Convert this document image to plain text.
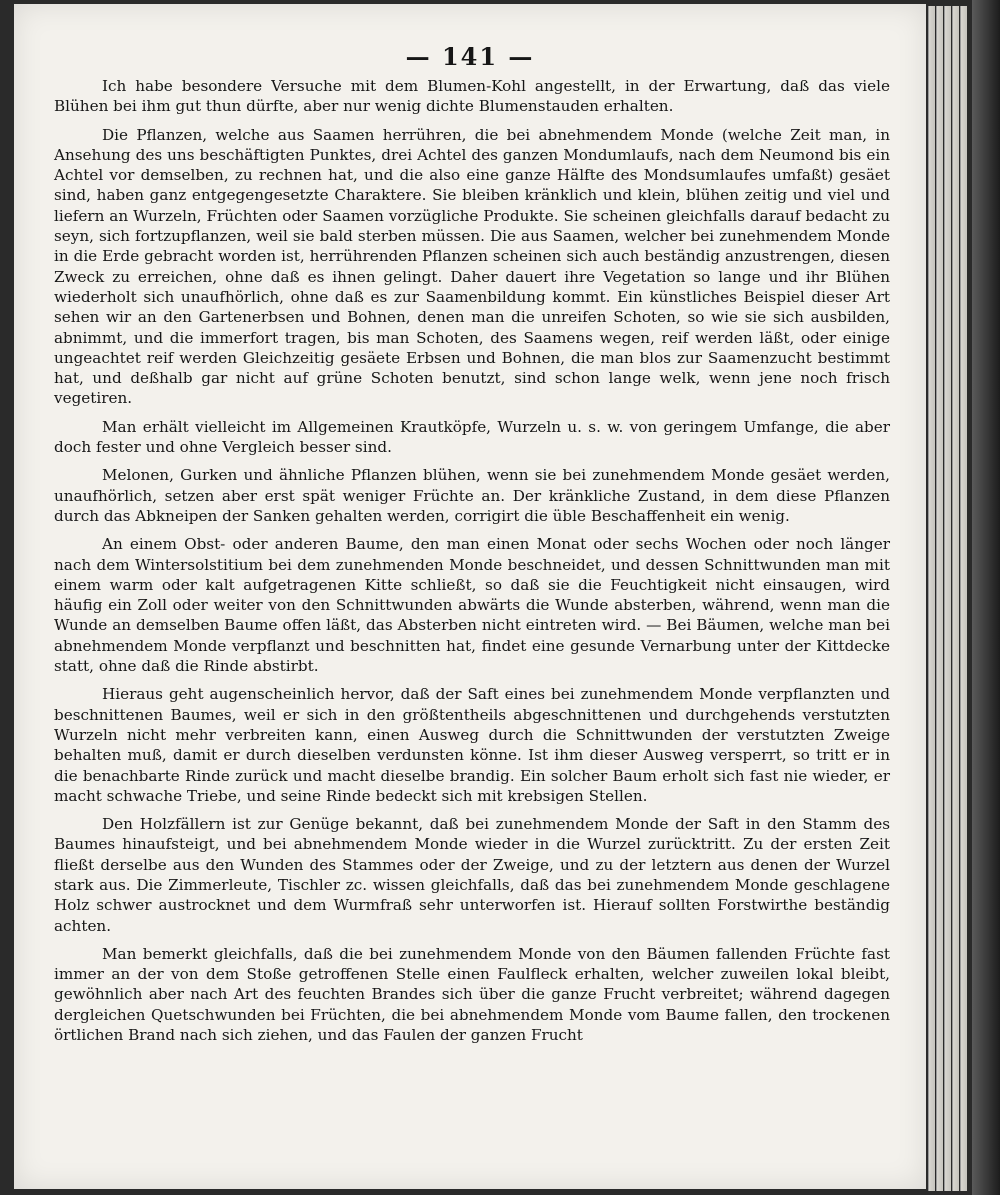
— 141 —

Ich habe besondere Versuche mit dem Blumen-Kohl angestellt, in der Erwartung, daß das viele Blühen bei ihm gut thun dürfte, aber nur wenig dichte Blumenstauden erhalten.

Die Pflanzen, welche aus Saamen herrühren, die bei abnehmendem Monde (welche Zeit man, in Ansehung des uns beschäftigten Punktes, drei Achtel des ganzen Mondumlaufs, nach dem Neumond bis ein Achtel vor demselben, zu rechnen hat, und die also eine ganze Hälfte des Mondsumlaufes umfaßt) gesäet sind, haben ganz entgegengesetzte Charaktere. Sie bleiben kränklich und klein, blühen zeitig und viel und liefern an Wurzeln, Früchten oder Saamen vorzügliche Produkte. Sie scheinen gleichfalls darauf bedacht zu seyn, sich fortzupflanzen, weil sie bald sterben müssen. Die aus Saamen, welcher bei zunehmendem Monde in die Erde gebracht worden ist, herrührenden Pflanzen scheinen sich auch beständig anzustrengen, diesen Zweck zu erreichen, ohne daß es ihnen gelingt. Daher dauert ihre Vegetation so lange und ihr Blühen wiederholt sich unaufhörlich, ohne daß es zur Saamenbildung kommt. Ein künstliches Beispiel dieser Art sehen wir an den Gartenerbsen und Bohnen, denen man die unreifen Schoten, so wie sie sich ausbilden, abnimmt, und die immerfort tragen, bis man Schoten, des Saamens wegen, reif werden läßt, oder einige ungeachtet reif werden Gleichzeitig gesäete Erbsen und Bohnen, die man blos zur Saamenzucht bestimmt hat, und deßhalb gar nicht auf grüne Schoten benutzt, sind schon lange welk, wenn jene noch frisch vegetiren.

Man erhält vielleicht im Allgemeinen Krautköpfe, Wurzeln u. s. w. von geringem Umfange, die aber doch fester und ohne Vergleich besser sind.

Melonen, Gurken und ähnliche Pflanzen blühen, wenn sie bei zunehmendem Monde gesäet werden, unaufhörlich, setzen aber erst spät weniger Früchte an. Der kränkliche Zustand, in dem diese Pflanzen durch das Abkneipen der Sanken gehalten werden, corrigirt die üble Beschaffenheit ein wenig.

An einem Obst- oder anderen Baume, den man einen Monat oder sechs Wochen oder noch länger nach dem Wintersolstitium bei dem zunehmenden Monde beschneidet, und dessen Schnittwunden man mit einem warm oder kalt aufgetragenen Kitte schließt, so daß sie die Feuchtigkeit nicht einsaugen, wird häufig ein Zoll oder weiter von den Schnittwunden abwärts die Wunde absterben, während, wenn man die Wunde an demselben Baume offen läßt, das Absterben nicht eintreten wird. — Bei Bäumen, welche man bei abnehmendem Monde verpflanzt und beschnitten hat, findet eine gesunde Vernarbung unter der Kittdecke statt, ohne daß die Rinde abstirbt.

Hieraus geht augenscheinlich hervor, daß der Saft eines bei zunehmendem Monde verpflanzten und beschnittenen Baumes, weil er sich in den größtentheils abgeschnittenen und durchgehends verstutzten Wurzeln nicht mehr verbreiten kann, einen Ausweg durch die Schnittwunden der verstutzten Zweige behalten muß, damit er durch dieselben verdunsten könne. Ist ihm dieser Ausweg versperrt, so tritt er in die benachbarte Rinde zurück und macht dieselbe brandig. Ein solcher Baum erholt sich fast nie wieder, er macht schwache Triebe, und seine Rinde bedeckt sich mit krebsigen Stellen.

Den Holzfällern ist zur Genüge bekannt, daß bei zunehmendem Monde der Saft in den Stamm des Baumes hinaufsteigt, und bei abnehmendem Monde wieder in die Wurzel zurücktritt. Zu der ersten Zeit fließt derselbe aus den Wunden des Stammes oder der Zweige, und zu der letztern aus denen der Wurzel stark aus. Die Zimmerleute, Tischler zc. wissen gleichfalls, daß das bei zunehmendem Monde geschlagene Holz schwer austrocknet und dem Wurmfraß sehr unterworfen ist. Hierauf sollten Forstwirthe beständig achten.

Man bemerkt gleichfalls, daß die bei zunehmendem Monde von den Bäumen fallenden Früchte fast immer an der von dem Stoße getroffenen Stelle einen Faulfleck erhalten, welcher zuweilen lokal bleibt, gewöhnlich aber nach Art des feuchten Brandes sich über die ganze Frucht verbreitet; während dagegen dergleichen Quetschwunden bei Früchten, die bei abnehmendem Monde vom Baume fallen, den trockenen örtlichen Brand nach sich ziehen, und das Faulen der ganzen Frucht
